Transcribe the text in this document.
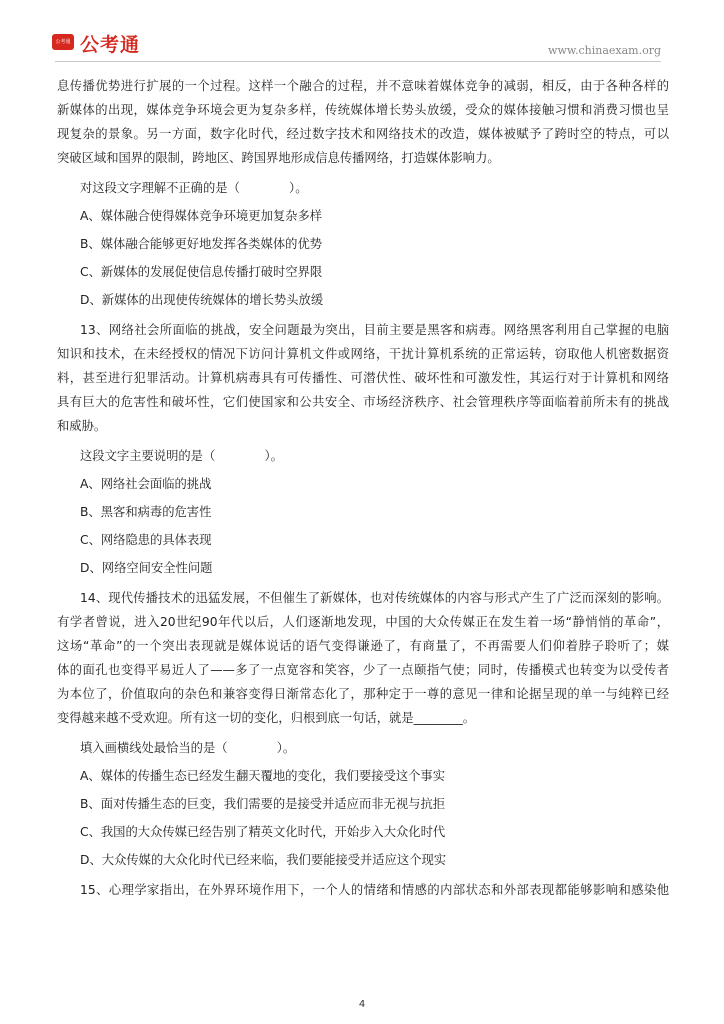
公考通 公考通	www.chinaexam.org

息传播优势进行扩展的一个过程。这样一个融合的过程，并不意味着媒体竞争的减弱，相反，由于各种各样的

新媒体的出现，媒体竞争环境会更为复杂多样，传统媒体增长势头放缓，受众的媒体接触习惯和消费习惯也呈

现复杂的景象。另一方面，数字化时代，经过数字技术和网络技术的改造，媒体被赋予了跨时空的特点，可以

突破区域和国界的限制，跨地区、跨国界地形成信息传播网络，打造媒体影响力。

对这段文字理解不正确的是（　　　　）。

A、媒体融合使得媒体竞争环境更加复杂多样

B、媒体融合能够更好地发挥各类媒体的优势

C、新媒体的发展促使信息传播打破时空界限

D、新媒体的出现使传统媒体的增长势头放缓

13、网络社会所面临的挑战，安全问题最为突出，目前主要是黑客和病毒。网络黑客利用自己掌握的电脑

知识和技术，在未经授权的情况下访问计算机文件或网络，干扰计算机系统的正常运转，窃取他人机密数据资

料，甚至进行犯罪活动。计算机病毒具有可传播性、可潜伏性、破坏性和可激发性，其运行对于计算机和网络

具有巨大的危害性和破坏性，它们使国家和公共安全、市场经济秩序、社会管理秩序等面临着前所未有的挑战

和威胁。

这段文字主要说明的是（　　　　）。

A、网络社会面临的挑战

B、黑客和病毒的危害性

C、网络隐患的具体表现

D、网络空间安全性问题

14、现代传播技术的迅猛发展，不但催生了新媒体，也对传统媒体的内容与形式产生了广泛而深刻的影响。

有学者曾说，进入20世纪90年代以后，人们逐渐地发现，中国的大众传媒正在发生着一场“静悄悄的革命”，

这场“革命”的一个突出表现就是媒体说话的语气变得谦逊了，有商量了，不再需要人们仰着脖子聆听了；媒

体的面孔也变得平易近人了——多了一点宽容和笑容，少了一点颐指气使；同时，传播模式也转变为以受传者

为本位了，价值取向的杂色和兼容变得日渐常态化了，那种定于一尊的意见一律和论据呈现的单一与纯粹已经

变得越来越不受欢迎。所有这一切的变化，归根到底一句话，就是________。

填入画横线处最恰当的是（　　　　）。

A、媒体的传播生态已经发生翻天覆地的变化，我们要接受这个事实

B、面对传播生态的巨变，我们需要的是接受并适应而非无视与抗拒

C、我国的大众传媒已经告别了精英文化时代，开始步入大众化时代

D、大众传媒的大众化时代已经来临，我们要能接受并适应这个现实

15、心理学家指出，在外界环境作用下，一个人的情绪和情感的内部状态和外部表现都能够影响和感染他

4
